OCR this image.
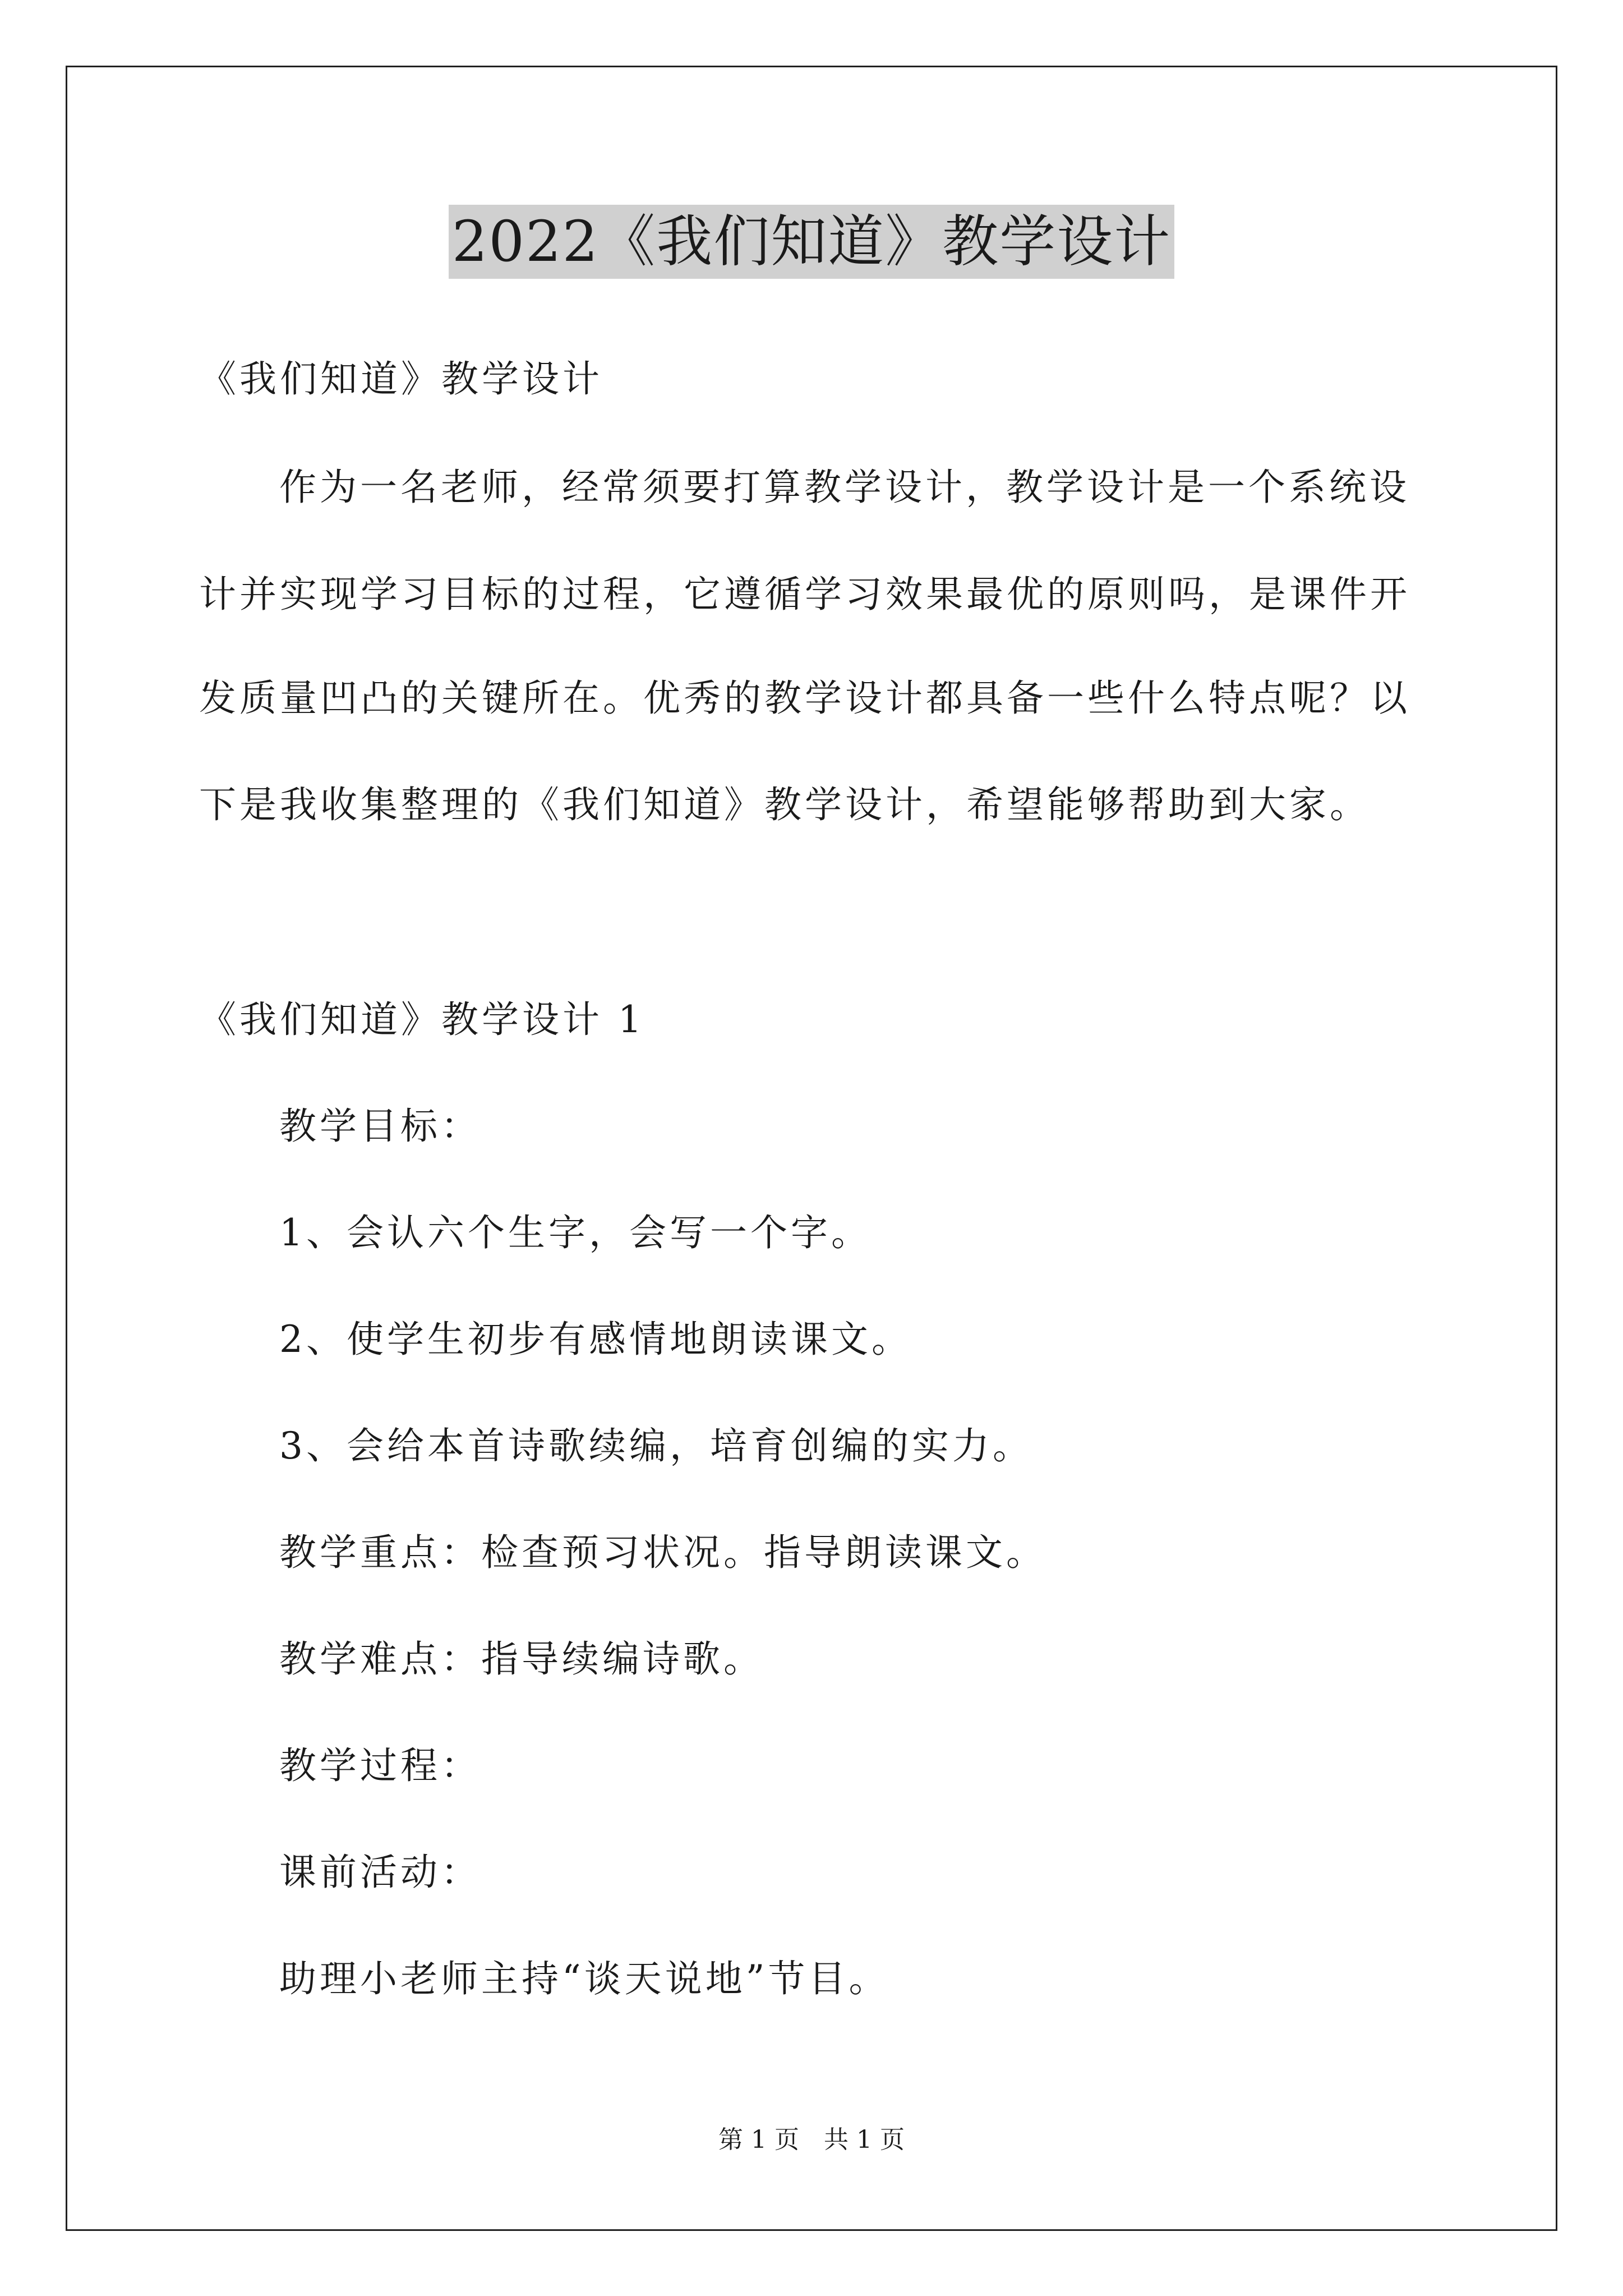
2022《我们知道》教学设计
《我们知道》教学设计
作为一名老师，经常须要打算教学设计，教学设计是一个系统设
计并实现学习目标的过程，它遵循学习效果最优的原则吗，是课件开
发质量凹凸的关键所在。优秀的教学设计都具备一些什么特点呢？以
下是我收集整理的《我们知道》教学设计，希望能够帮助到大家。
《我们知道》教学设计 1
教学目标：
1、会认六个生字，会写一个字。
2、使学生初步有感情地朗读课文。
3、会给本首诗歌续编，培育创编的实力。
教学重点：检查预习状况。指导朗读课文。
教学难点：指导续编诗歌。
教学过程：
课前活动：
助理小老师主持“谈天说地”节目。
第 1 页 共 1 页
